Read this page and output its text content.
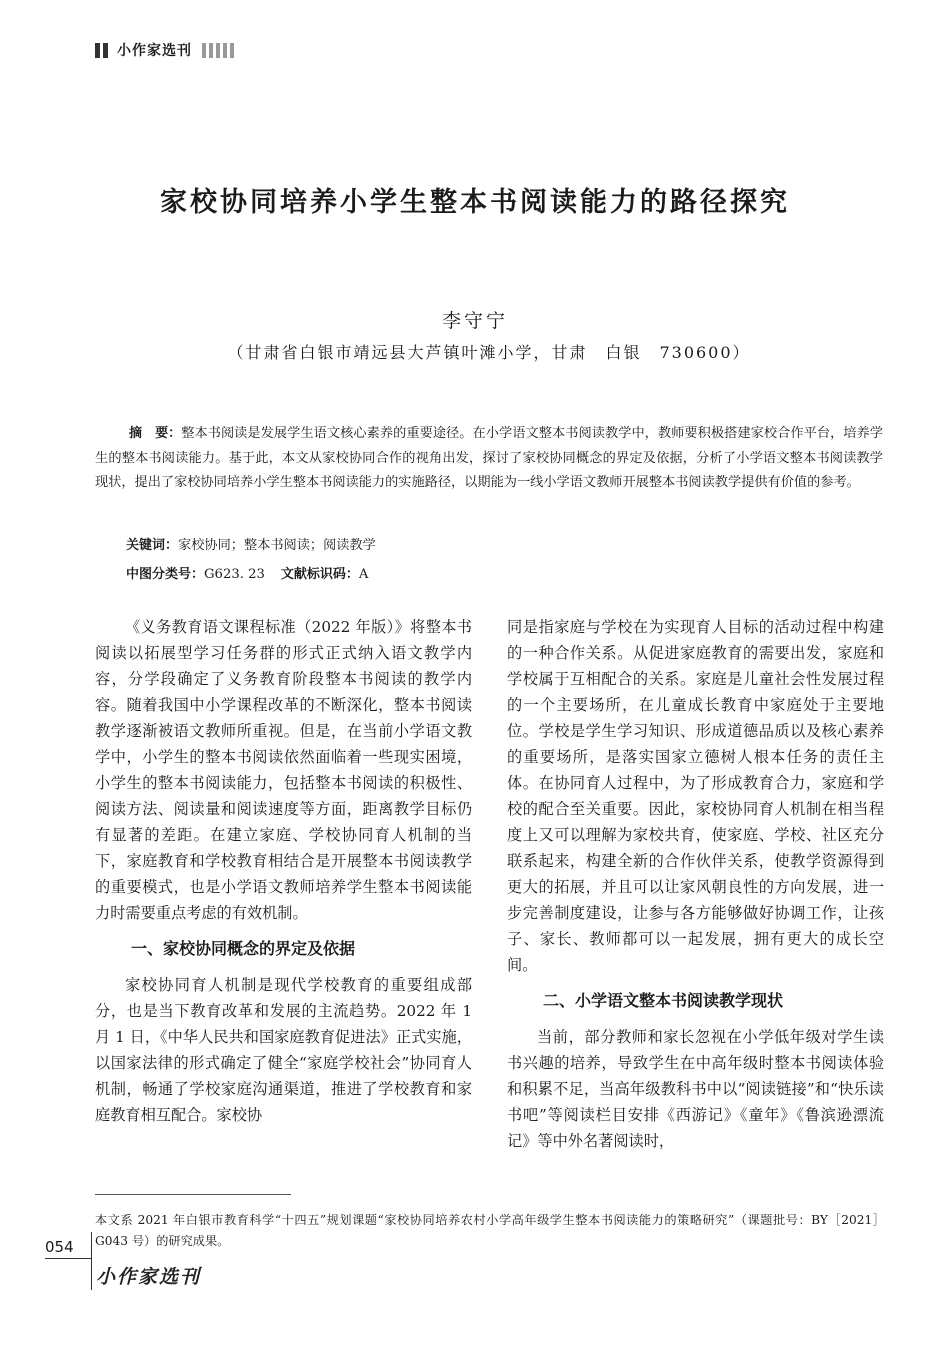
小作家选刊
家校协同培养小学生整本书阅读能力的路径探究
李守宁
（甘肃省白银市靖远县大芦镇叶滩小学，甘肃　白银　730600）

摘　要：整本书阅读是发展学生语文核心素养的重要途径。在小学语文整本书阅读教学中，教师要积极搭建家校合作平台，培养学生的整本书阅读能力。基于此，本文从家校协同合作的视角出发，探讨了家校协同概念的界定及依据，分析了小学语文整本书阅读教学现状，提出了家校协同培养小学生整本书阅读能力的实施路径，以期能为一线小学语文教师开展整本书阅读教学提供有价值的参考。

关键词：家校协同；整本书阅读；阅读教学
中图分类号：G623. 23 文献标识码：A

《义务教育语文课程标准（2022 年版）》将整本书阅读以拓展型学习任务群的形式正式纳入语文教学内容，分学段确定了义务教育阶段整本书阅读的教学内容。随着我国中小学课程改革的不断深化，整本书阅读教学逐渐被语文教师所重视。但是，在当前小学语文教学中，小学生的整本书阅读依然面临着一些现实困境，小学生的整本书阅读能力，包括整本书阅读的积极性、阅读方法、阅读量和阅读速度等方面，距离教学目标仍有显著的差距。在建立家庭、学校协同育人机制的当下，家庭教育和学校教育相结合是开展整本书阅读教学的重要模式，也是小学语文教师培养学生整本书阅读能力时需要重点考虑的有效机制。

一、家校协同概念的界定及依据

家校协同育人机制是现代学校教育的重要组成部分，也是当下教育改革和发展的主流趋势。2022 年 1 月 1 日，《中华人民共和国家庭教育促进法》正式实施，以国家法律的形式确定了健全“家庭学校社会”协同育人机制，畅通了学校家庭沟通渠道，推进了学校教育和家庭教育相互配合。家校协

同是指家庭与学校在为实现育人目标的活动过程中构建的一种合作关系。从促进家庭教育的需要出发，家庭和学校属于互相配合的关系。家庭是儿童社会性发展过程的一个主要场所，在儿童成长教育中家庭处于主要地位。学校是学生学习知识、形成道德品质以及核心素养的重要场所，是落实国家立德树人根本任务的责任主体。在协同育人过程中，为了形成教育合力，家庭和学校的配合至关重要。因此，家校协同育人机制在相当程度上又可以理解为家校共育，使家庭、学校、社区充分联系起来，构建全新的合作伙伴关系，使教学资源得到更大的拓展，并且可以让家风朝良性的方向发展，进一步完善制度建设，让参与各方能够做好协调工作，让孩子、家长、教师都可以一起发展，拥有更大的成长空间。

二、小学语文整本书阅读教学现状

当前，部分教师和家长忽视在小学低年级对学生读书兴趣的培养，导致学生在中高年级时整本书阅读体验和积累不足，当高年级教科书中以“阅读链接”和“快乐读书吧”等阅读栏目安排《西游记》《童年》《鲁滨逊漂流记》等中外名著阅读时，

本文系 2021 年白银市教育科学“十四五”规划课题“家校协同培养农村小学高年级学生整本书阅读能力的策略研究”（课题批号：BY［2021］G043 号）的研究成果。
054
小作家选刊
